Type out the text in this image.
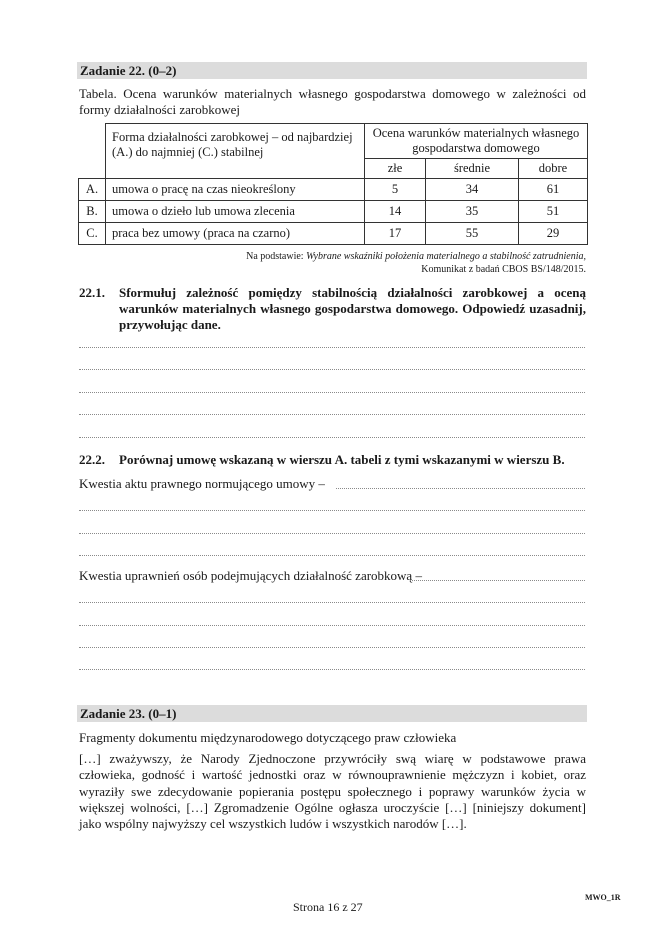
Zadanie 22. (0–2)
Tabela. Ocena warunków materialnych własnego gospodarstwa domowego w zależności od formy działalności zarobkowej
	Forma działalności zarobkowej – od najbardziej (A.) do najmniej (C.) stabilnej	Ocena warunków materialnych własnego gospodarstwa domowego		
		złe	średnie	dobre
A.	umowa o pracę na czas nieokreślony	5	34	61
B.	umowa o dzieło lub umowa zlecenia	14	35	51
C.	praca bez umowy (praca na czarno)	17	55	29
Na podstawie: Wybrane wskaźniki położenia materialnego a stabilność zatrudnienia,
Komunikat z badań CBOS BS/148/2015.
22.1. Sformułuj zależność pomiędzy stabilnością działalności zarobkowej a oceną warunków materialnych własnego gospodarstwa domowego. Odpowiedź uzasadnij, przywołując dane.
22.2. Porównaj umowę wskazaną w wierszu A. tabeli z tymi wskazanymi w wierszu B.
Kwestia aktu prawnego normującego umowy –
Kwestia uprawnień osób podejmujących działalność zarobkową –
Zadanie 23. (0–1)
Fragmenty dokumentu międzynarodowego dotyczącego praw człowieka
[…] zważywszy, że Narody Zjednoczone przywróciły swą wiarę w podstawowe prawa człowieka, godność i wartość jednostki oraz w równouprawnienie mężczyzn i kobiet, oraz wyraziły swe zdecydowanie popierania postępu społecznego i poprawy warunków życia w większej wolności, […] Zgromadzenie Ogólne ogłasza uroczyście […] [niniejszy dokument] jako wspólny najwyższy cel wszystkich ludów i wszystkich narodów […].
Strona 16 z 27
MWO_1R
